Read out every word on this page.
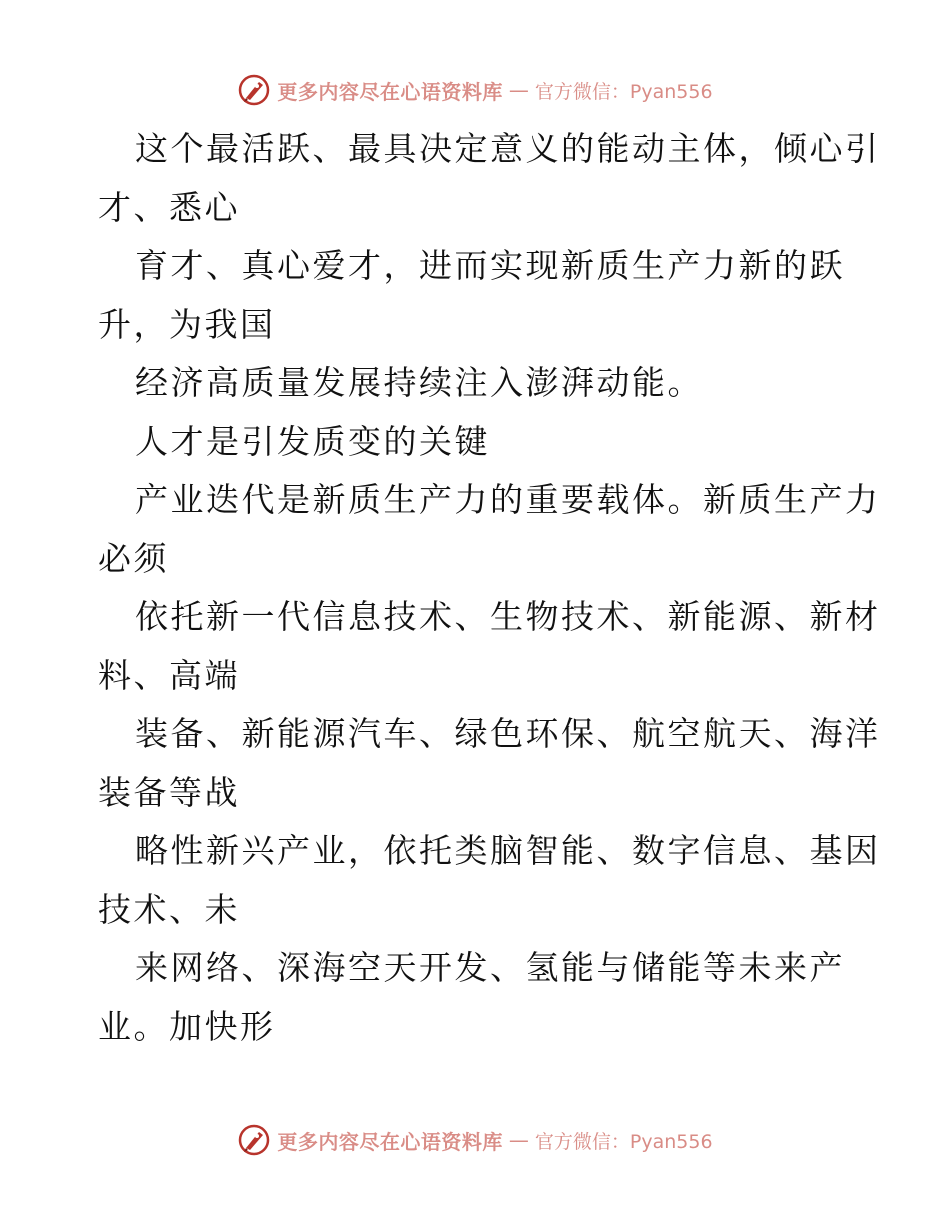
更多内容尽在心语资料库 — 官方微信：Pyan556
这个最活跃、最具决定意义的能动主体，倾心引
才、悉心
育才、真心爱才，进而实现新质生产力新的跃
升，为我国
经济高质量发展持续注入澎湃动能。
人才是引发质变的关键
产业迭代是新质生产力的重要载体。新质生产力
必须
依托新一代信息技术、生物技术、新能源、新材
料、高端
装备、新能源汽车、绿色环保、航空航天、海洋
装备等战
略性新兴产业，依托类脑智能、数字信息、基因
技术、未
来网络、深海空天开发、氢能与储能等未来产
业。加快形
更多内容尽在心语资料库 — 官方微信：Pyan556
